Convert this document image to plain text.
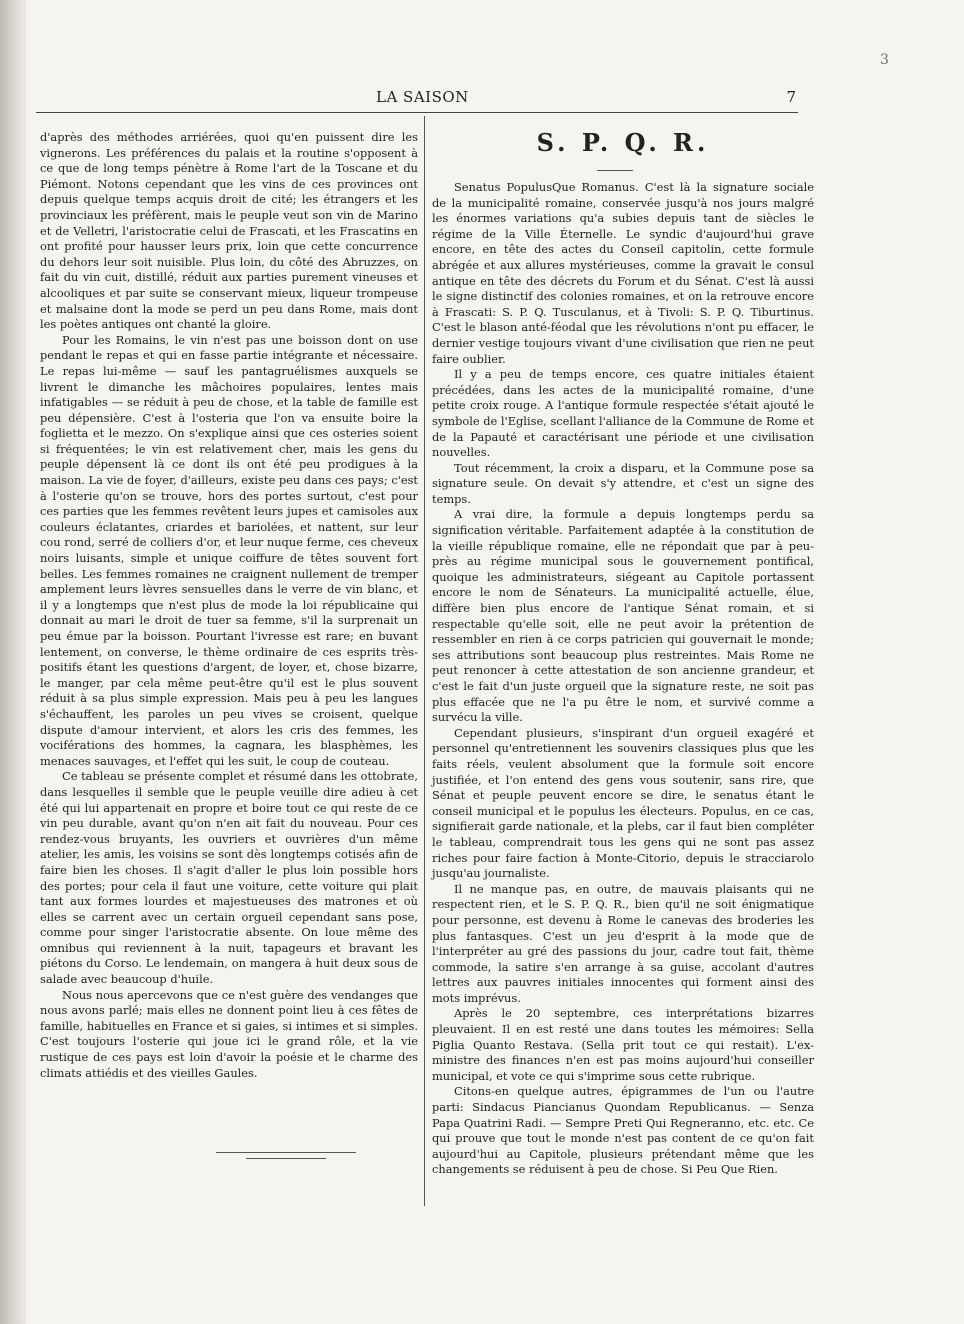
3
LA SAISON	7

d'après des méthodes arriérées, quoi qu'en puissent dire les vignerons. Les préférences du palais et la routine s'opposent à ce que de long temps pénètre à Rome l'art de la Toscane et du Piémont. Notons cependant que les vins de ces provinces ont depuis quelque temps acquis droit de cité; les étrangers et les provinciaux les préfèrent, mais le peuple veut son vin de Marino et de Velletri, l'aristocratie celui de Frascati, et les Frascatins en ont profité pour hausser leurs prix, loin que cette concurrence du dehors leur soit nuisible. Plus loin, du côté des Abruzzes, on fait du vin cuit, distillé, réduit aux parties purement vineuses et alcooliques et par suite se conservant mieux, liqueur trompeuse et malsaine dont la mode se perd un peu dans Rome, mais dont les poètes antiques ont chanté la gloire.

Pour les Romains, le vin n'est pas une boisson dont on use pendant le repas et qui en fasse partie intégrante et nécessaire. Le repas lui-même — sauf les pantagruélismes auxquels se livrent le dimanche les mâchoires populaires, lentes mais infatigables — se réduit à peu de chose, et la table de famille est peu dépensière. C'est à l'osteria que l'on va ensuite boire la foglietta et le mezzo. On s'explique ainsi que ces osteries soient si fréquentées; le vin est relativement cher, mais les gens du peuple dépensent là ce dont ils ont été peu prodigues à la maison. La vie de foyer, d'ailleurs, existe peu dans ces pays; c'est à l'osterie qu'on se trouve, hors des portes surtout, c'est pour ces parties que les femmes revêtent leurs jupes et camisoles aux couleurs éclatantes, criardes et bariolées, et nattent, sur leur cou rond, serré de colliers d'or, et leur nuque ferme, ces cheveux noirs luisants, simple et unique coiffure de têtes souvent fort belles. Les femmes romaines ne craignent nullement de tremper amplement leurs lèvres sensuelles dans le verre de vin blanc, et il y a longtemps que n'est plus de mode la loi républicaine qui donnait au mari le droit de tuer sa femme, s'il la surprenait un peu émue par la boisson. Pourtant l'ivresse est rare; en buvant lentement, on converse, le thème ordinaire de ces esprits très-positifs étant les questions d'argent, de loyer, et, chose bizarre, le manger, par cela même peut-être qu'il est le plus souvent réduit à sa plus simple expression. Mais peu à peu les langues s'échauffent, les paroles un peu vives se croisent, quelque dispute d'amour intervient, et alors les cris des femmes, les vociférations des hommes, la cagnara, les blasphèmes, les menaces sauvages, et l'effet qui les suit, le coup de couteau.

Ce tableau se présente complet et résumé dans les ottobrate, dans lesquelles il semble que le peuple veuille dire adieu à cet été qui lui appartenait en propre et boire tout ce qui reste de ce vin peu durable, avant qu'on n'en ait fait du nouveau. Pour ces rendez-vous bruyants, les ouvriers et ouvrières d'un même atelier, les amis, les voisins se sont dès longtemps cotisés afin de faire bien les choses. Il s'agit d'aller le plus loin possible hors des portes; pour cela il faut une voiture, cette voiture qui plait tant aux formes lourdes et majestueuses des matrones et où elles se carrent avec un certain orgueil cependant sans pose, comme pour singer l'aristocratie absente. On loue même des omnibus qui reviennent à la nuit, tapageurs et bravant les piétons du Corso. Le lendemain, on mangera à huit deux sous de salade avec beaucoup d'huile.

Nous nous apercevons que ce n'est guère des vendanges que nous avons parlé; mais elles ne donnent point lieu à ces fêtes de famille, habituelles en France et si gaies, si intimes et si simples. C'est toujours l'osterie qui joue ici le grand rôle, et la vie rustique de ces pays est loin d'avoir la poésie et le charme des climats attiédis et des vieilles Gaules.

S. P. Q. R.

Senatus PopulusQue Romanus. C'est là la signature sociale de la municipalité romaine, conservée jusqu'à nos jours malgré les énormes variations qu'a subies depuis tant de siècles le régime de la Ville Éternelle. Le syndic d'aujourd'hui grave encore, en tête des actes du Conseil capitolin, cette formule abrégée et aux allures mystérieuses, comme la gravait le consul antique en tête des décrets du Forum et du Sénat. C'est là aussi le signe distinctif des colonies romaines, et on la retrouve encore à Frascati: S. P. Q. Tusculanus, et à Tivoli: S. P. Q. Tiburtinus. C'est le blason anté-féodal que les révolutions n'ont pu effacer, le dernier vestige toujours vivant d'une civilisation que rien ne peut faire oublier.

Il y a peu de temps encore, ces quatre initiales étaient précédées, dans les actes de la municipalité romaine, d'une petite croix rouge. A l'antique formule respectée s'était ajouté le symbole de l'Eglise, scellant l'alliance de la Commune de Rome et de la Papauté et caractérisant une période et une civilisation nouvelles.

Tout récemment, la croix a disparu, et la Commune pose sa signature seule. On devait s'y attendre, et c'est un signe des temps.

A vrai dire, la formule a depuis longtemps perdu sa signification véritable. Parfaitement adaptée à la constitution de la vieille république romaine, elle ne répondait que par à peu-près au régime municipal sous le gouvernement pontifical, quoique les administrateurs, siégeant au Capitole portassent encore le nom de Sénateurs. La municipalité actuelle, élue, diffère bien plus encore de l'antique Sénat romain, et si respectable qu'elle soit, elle ne peut avoir la prétention de ressembler en rien à ce corps patricien qui gouvernait le monde; ses attributions sont beaucoup plus restreintes. Mais Rome ne peut renoncer à cette attestation de son ancienne grandeur, et c'est le fait d'un juste orgueil que la signature reste, ne soit pas plus effacée que ne l'a pu être le nom, et survivé comme a survécu la ville.

Cependant plusieurs, s'inspirant d'un orgueil exagéré et personnel qu'entretiennent les souvenirs classiques plus que les faits réels, veulent absolument que la formule soit encore justifiée, et l'on entend des gens vous soutenir, sans rire, que Sénat et peuple peuvent encore se dire, le senatus étant le conseil municipal et le populus les électeurs. Populus, en ce cas, signifierait garde nationale, et la plebs, car il faut bien compléter le tableau, comprendrait tous les gens qui ne sont pas assez riches pour faire faction à Monte-Citorio, depuis le stracciarolo jusqu'au journaliste.

Il ne manque pas, en outre, de mauvais plaisants qui ne respectent rien, et le S. P. Q. R., bien qu'il ne soit énigmatique pour personne, est devenu à Rome le canevas des broderies les plus fantasques. C'est un jeu d'esprit à la mode que de l'interpréter au gré des passions du jour, cadre tout fait, thème commode, la satire s'en arrange à sa guise, accolant d'autres lettres aux pauvres initiales innocentes qui forment ainsi des mots imprévus.

Après le 20 septembre, ces interprétations bizarres pleuvaient. Il en est resté une dans toutes les mémoires: Sella Piglia Quanto Restava. (Sella prit tout ce qui restait). L'ex-ministre des finances n'en est pas moins aujourd'hui conseiller municipal, et vote ce qui s'imprime sous cette rubrique.

Citons-en quelque autres, épigrammes de l'un ou l'autre parti: Sindacus Piancianus Quondam Republicanus. — Senza Papa Quatrini Radi. — Sempre Preti Qui Regneranno, etc. etc. Ce qui prouve que tout le monde n'est pas content de ce qu'on fait aujourd'hui au Capitole, plusieurs prétendant même que les changements se réduisent à peu de chose. Si Peu Que Rien.
